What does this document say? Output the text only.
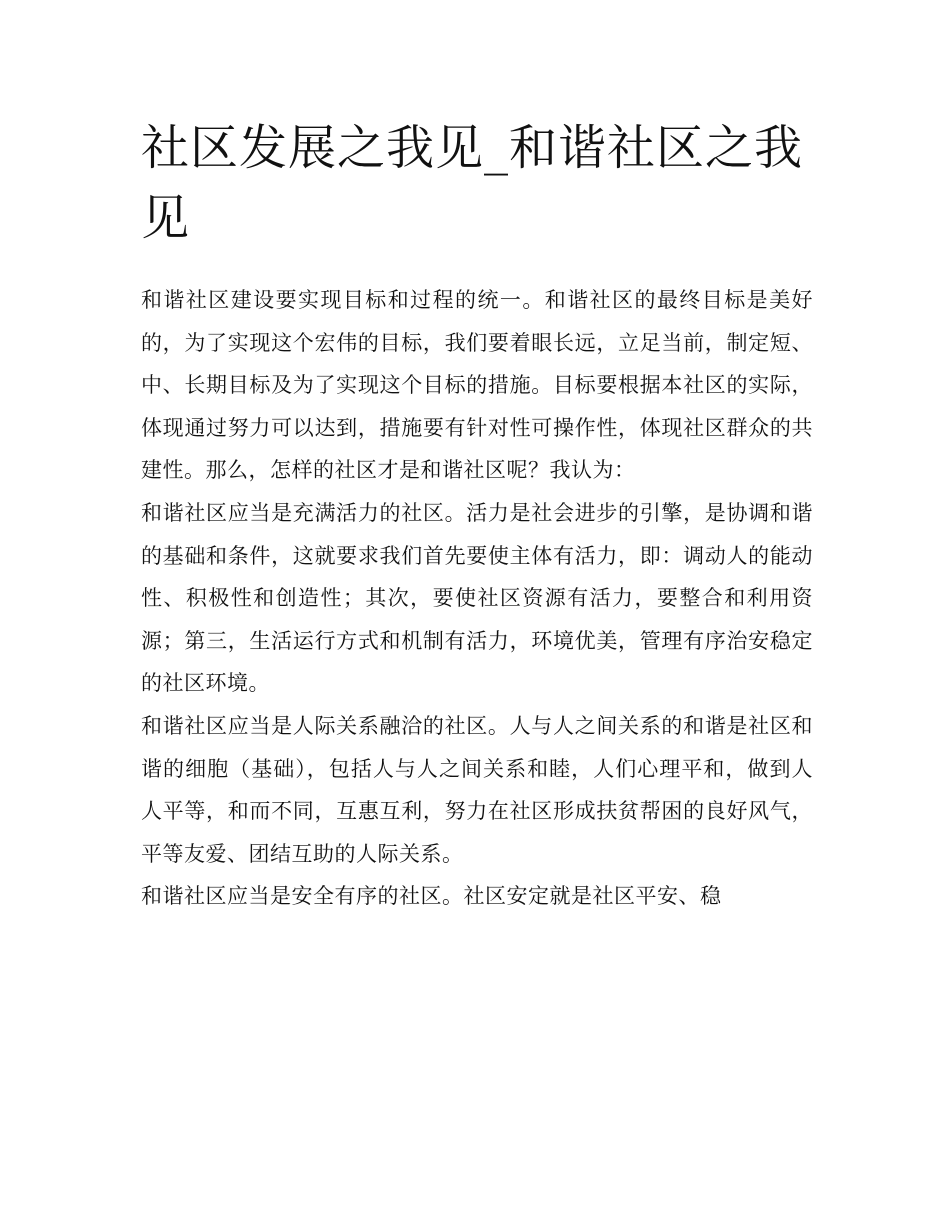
社区发展之我见_和谐社区之我见

和谐社区建设要实现目标和过程的统一。和谐社区的最终目标是美好的，为了实现这个宏伟的目标，我们要着眼长远，立足当前，制定短、中、长期目标及为了实现这个目标的措施。目标要根据本社区的实际，体现通过努力可以达到，措施要有针对性可操作性，体现社区群众的共建性。那么，怎样的社区才是和谐社区呢？我认为：

和谐社区应当是充满活力的社区。活力是社会进步的引擎，是协调和谐的基础和条件，这就要求我们首先要使主体有活力，即：调动人的能动性、积极性和创造性；其次，要使社区资源有活力，要整合和利用资源；第三，生活运行方式和机制有活力，环境优美，管理有序治安稳定的社区环境。

和谐社区应当是人际关系融洽的社区。人与人之间关系的和谐是社区和谐的细胞（基础），包括人与人之间关系和睦，人们心理平和，做到人人平等，和而不同，互惠互利，努力在社区形成扶贫帮困的良好风气，平等友爱、团结互助的人际关系。

和谐社区应当是安全有序的社区。社区安定就是社区平安、稳
